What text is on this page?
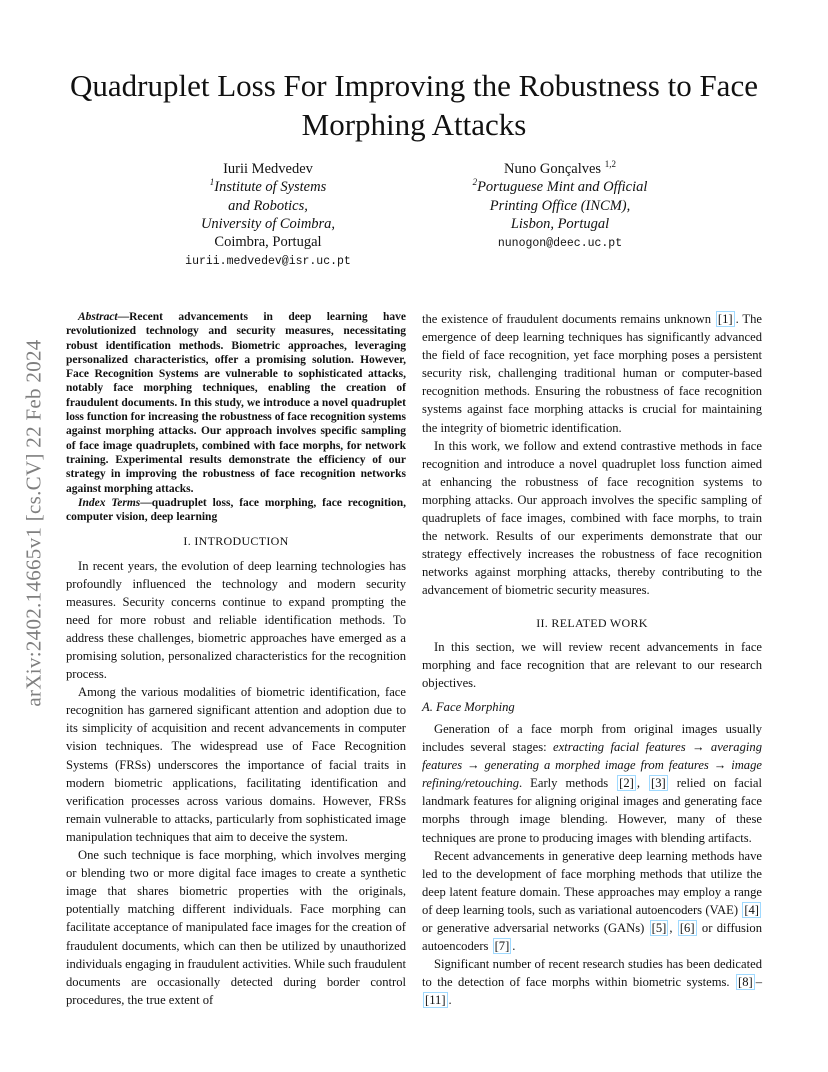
arXiv:2402.14665v1 [cs.CV] 22 Feb 2024
Quadruplet Loss For Improving the Robustness to Face Morphing Attacks
Iurii Medvedev
$^1$Institute of Systems
and Robotics,
University of Coimbra,
Coimbra, Portugal
iurii.medvedev@isr.uc.pt
Nuno Gonçalves $^{1,2}$
$^2$Portuguese Mint and Official
Printing Office (INCM),
Lisbon, Portugal
nunogon@deec.uc.pt

Abstract—Recent advancements in deep learning have revolutionized technology and security measures, necessitating robust identification methods. Biometric approaches, leveraging personalized characteristics, offer a promising solution. However, Face Recognition Systems are vulnerable to sophisticated attacks, notably face morphing techniques, enabling the creation of fraudulent documents. In this study, we introduce a novel quadruplet loss function for increasing the robustness of face recognition systems against morphing attacks. Our approach involves specific sampling of face image quadruplets, combined with face morphs, for network training. Experimental results demonstrate the efficiency of our strategy in improving the robustness of face recognition networks against morphing attacks.

Index Terms—quadruplet loss, face morphing, face recognition, computer vision, deep learning

I. INTRODUCTION

In recent years, the evolution of deep learning technologies has profoundly influenced the technology and modern security measures. Security concerns continue to expand prompting the need for more robust and reliable identification methods. To address these challenges, biometric approaches have emerged as a promising solution, personalized characteristics for the recognition process.

Among the various modalities of biometric identification, face recognition has garnered significant attention and adoption due to its simplicity of acquisition and recent advancements in computer vision techniques. The widespread use of Face Recognition Systems (FRSs) underscores the importance of facial traits in modern biometric applications, facilitating identification and verification processes across various domains. However, FRSs remain vulnerable to attacks, particularly from sophisticated image manipulation techniques that aim to deceive the system.

One such technique is face morphing, which involves merging or blending two or more digital face images to create a synthetic image that shares biometric properties with the originals, potentially matching different individuals. Face morphing can facilitate acceptance of manipulated face images for the creation of fraudulent documents, which can then be utilized by unauthorized individuals engaging in fraudulent activities. While such fraudulent documents are occasionally detected during border control procedures, the true extent of

the existence of fraudulent documents remains unknown [1] . The emergence of deep learning techniques has significantly advanced the field of face recognition, yet face morphing poses a persistent security risk, challenging traditional human or computer-based recognition methods. Ensuring the robustness of face recognition systems against face morphing attacks is crucial for maintaining the integrity of biometric identification.

In this work, we follow and extend contrastive methods in face recognition and introduce a novel quadruplet loss function aimed at enhancing the robustness of face recognition systems to morphing attacks. Our approach involves the specific sampling of quadruplets of face images, combined with face morphs, to train the network. Results of our experiments demonstrate that our strategy effectively increases the robustness of face recognition networks against morphing attacks, thereby contributing to the advancement of biometric security measures.

II. RELATED WORK

In this section, we will review recent advancements in face morphing and face recognition that are relevant to our research objectives.

A. Face Morphing

Generation of a face morph from original images usually includes several stages: extracting facial features → averaging features → generating a morphed image from features → image refining/retouching. Early methods [2] , [3] relied on facial landmark features for aligning original images and generating face morphs through image blending. However, many of these techniques are prone to producing images with blending artifacts.

Recent advancements in generative deep learning methods have led to the development of face morphing methods that utilize the deep latent feature domain. These approaches may employ a range of deep learning tools, such as variational autoencoders (VAE) [4] or generative adversarial networks (GANs) [5] , [6] or diffusion autoencoders [7] .

Significant number of recent research studies has been dedicated to the detection of face morphs within biometric systems. [8] –[11] .
